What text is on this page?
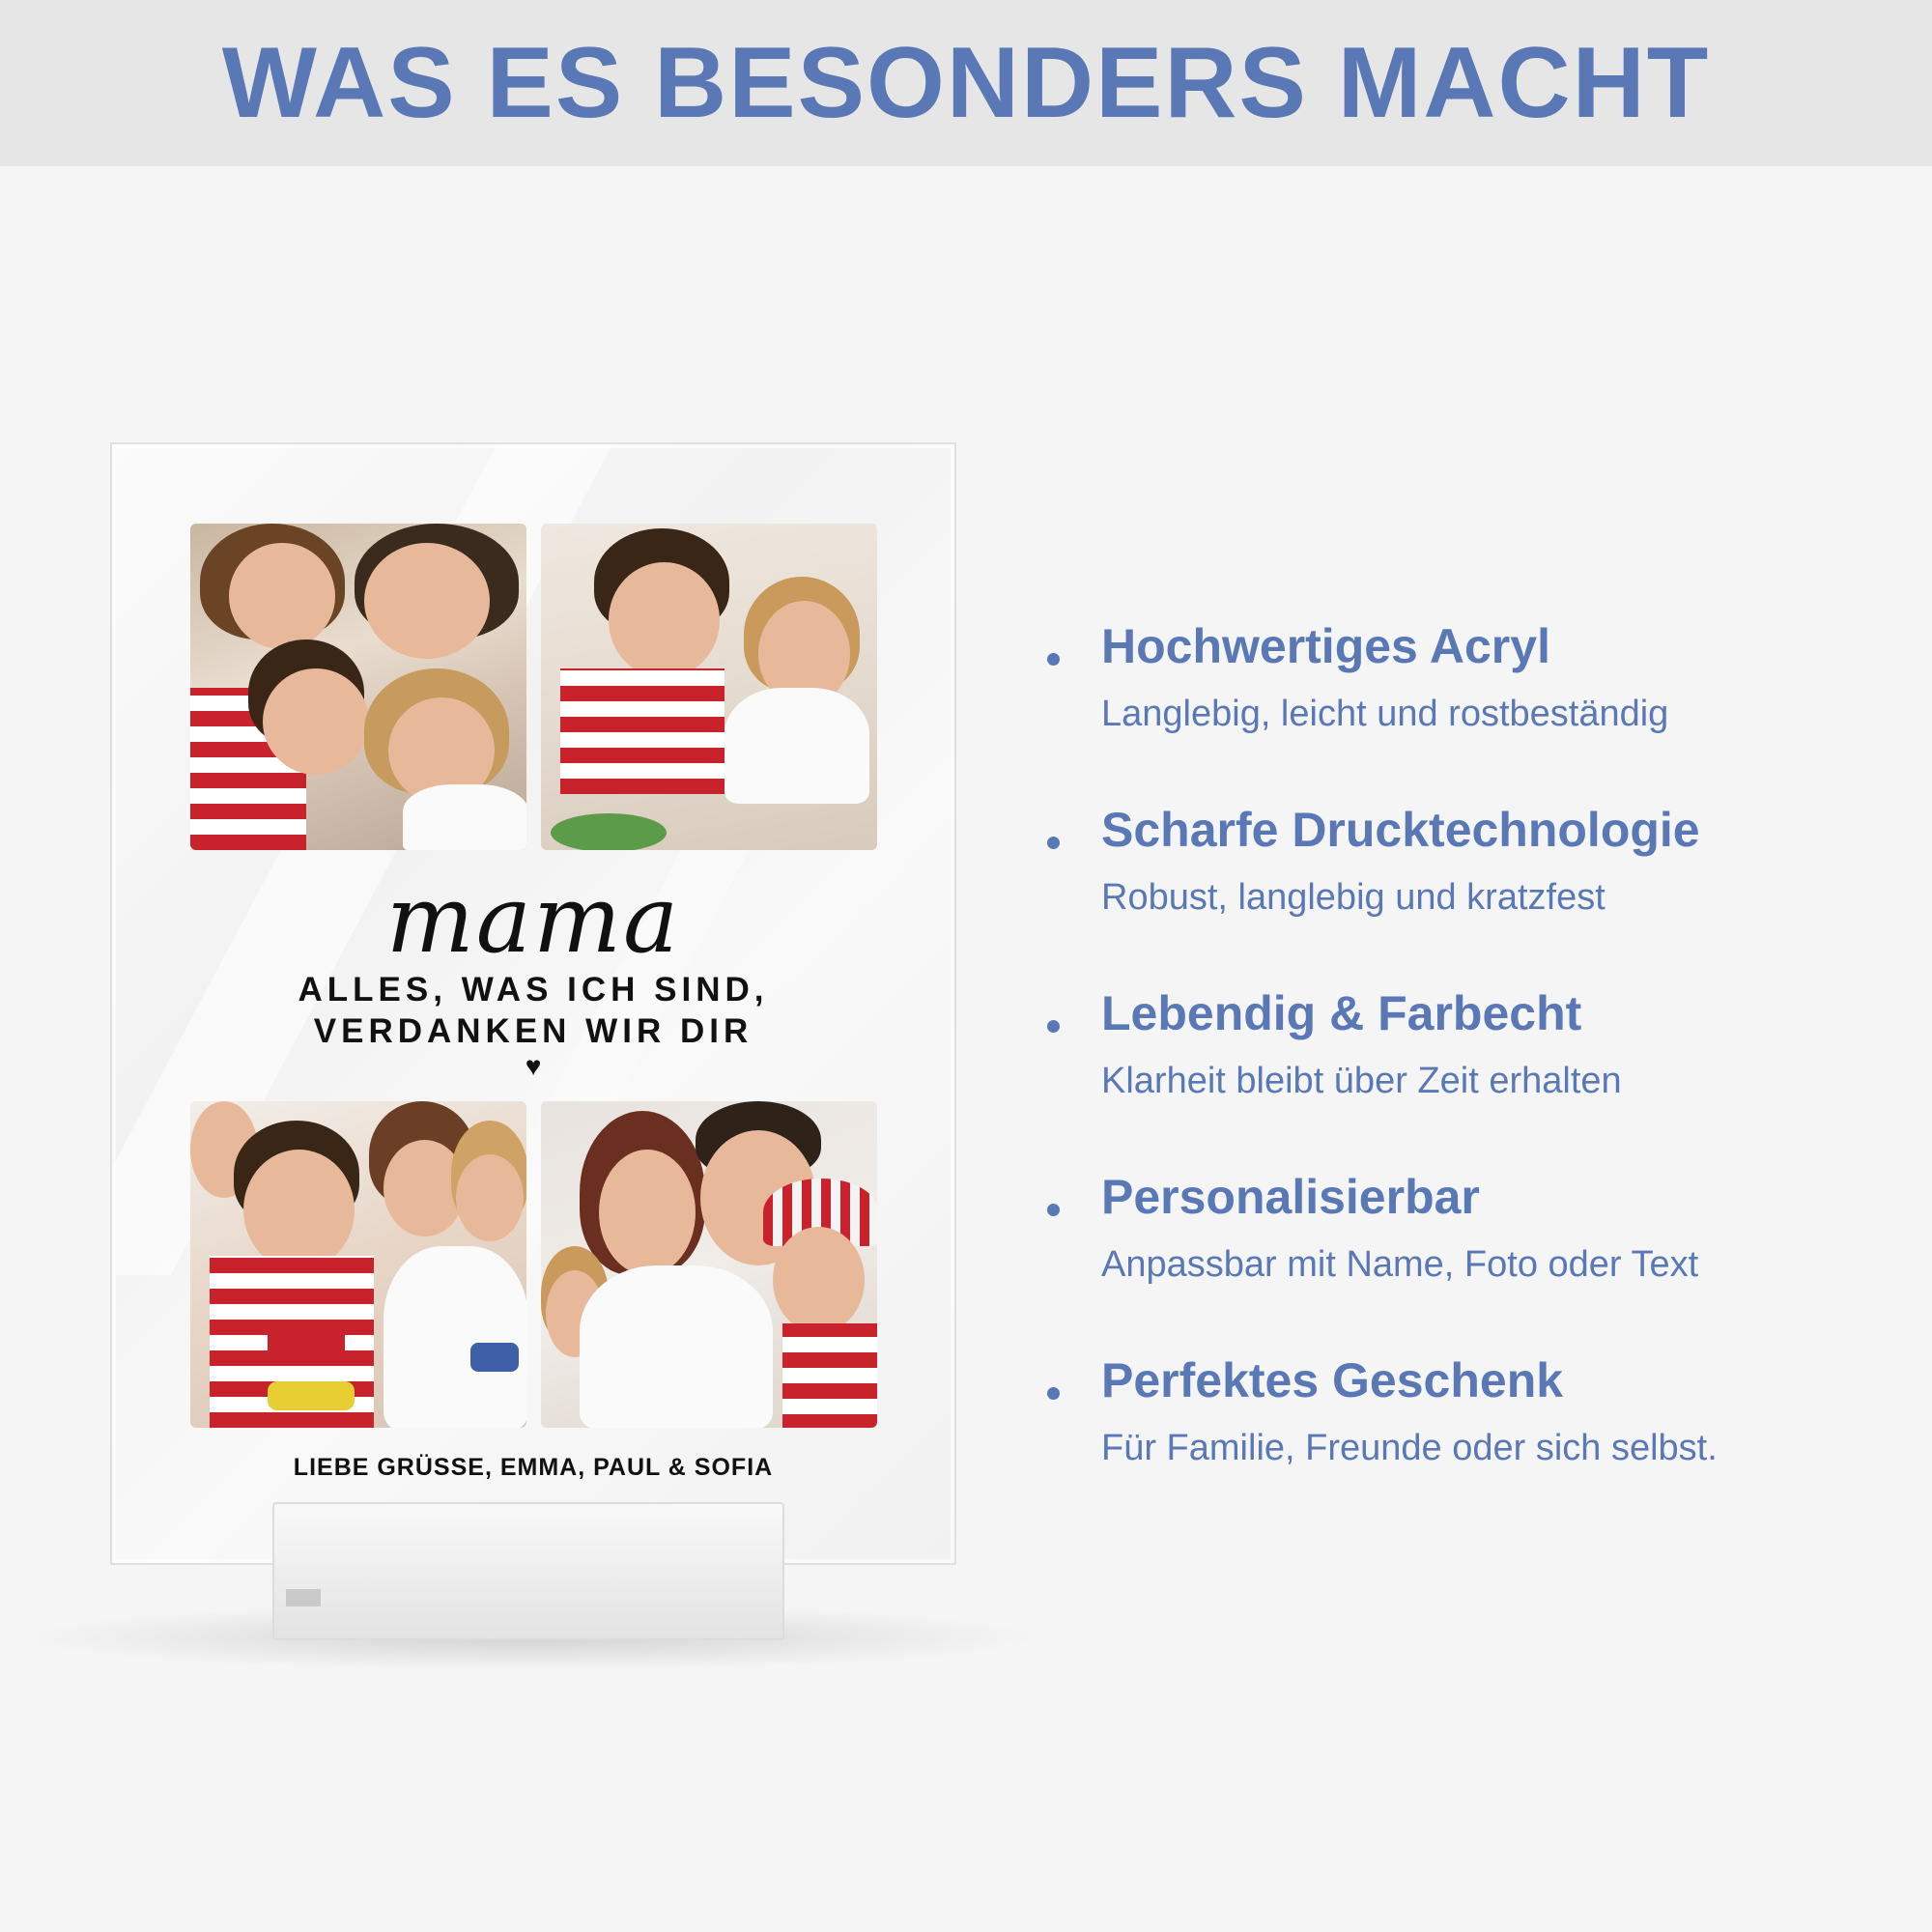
WAS ES BESONDERS MACHT
mama
ALLES, WAS ICH SIND,
VERDANKEN WIR DIR
♥
LIEBE GRÜSSE, EMMA, PAUL & SOFIA
Hochwertiges Acryl
Langlebig, leicht und rostbeständig
Scharfe Drucktechnologie
Robust, langlebig und kratzfest
Lebendig & Farbecht
Klarheit bleibt über Zeit erhalten
Personalisierbar
Anpassbar mit Name, Foto oder Text
Perfektes Geschenk
Für Familie, Freunde oder sich selbst.
